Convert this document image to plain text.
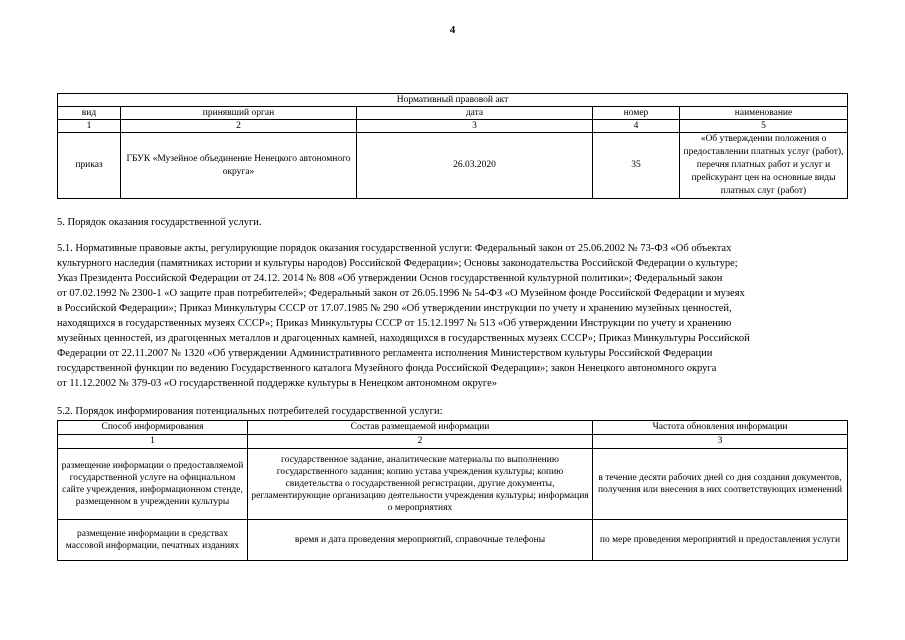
4
Нормативный правовой акт				
вид	принявший орган	дата	номер	наименование
1	2	3	4	5
приказ	ГБУК «Музейное объединение Ненецкого автономного округа»	26.03.2020	35	«Об утверждении положения о предоставлении платных услуг (работ), перечня платных работ и услуг и прейскурант цен на основные виды платных слуг (работ)
5. Порядок оказания государственной услуги.
5.1. Нормативные правовые акты, регулирующие порядок оказания государственной услуги: Федеральный закон от 25.06.2002 № 73-ФЗ «Об объектах
культурного наследия (памятниках истории и культуры народов) Российской Федерации»; Основы законодательства Российской Федерации о культуре;
Указ Президента Российской Федерации от 24.12. 2014 № 808 «Об утверждении Основ государственной культурной политики»; Федеральный закон
от 07.02.1992 № 2300-1 «О защите прав потребителей»; Федеральный закон от 26.05.1996 № 54-ФЗ «О Музейном фонде Российской Федерации и музеях
в Российской Федерации»; Приказ Минкультуры СССР от 17.07.1985 № 290 «Об утверждении инструкции по учету и хранению музейных ценностей,
находящихся в государственных музеях СССР»; Приказ Минкультуры СССР от 15.12.1997 № 513 «Об утверждении Инструкции по учету и хранению
музейных ценностей, из драгоценных металлов и драгоценных камней, находящихся в государственных музеях СССР»; Приказ Минкультуры Российской
Федерации от 22.11.2007 № 1320 «Об утверждении Административного регламента исполнения Министерством культуры Российской Федерации
государственной функции по ведению Государственного каталога Музейного фонда Российской Федерации»; закон Ненецкого автономного округа
от 11.12.2002 № 379-03 «О государственной поддержке культуры в Ненецком автономном округе»
5.2. Порядок информирования потенциальных потребителей государственной услуги:
Способ информирования	Состав размещаемой информации	Частота обновления информации
1	2	3
размещение информации о предоставляемой государственной услуге на официальном сайте учреждения, информационном стенде, размещенном в учреждении культуры	государственное задание, аналитические материалы по выполнению государственного задания; копию устава учреждения культуры; копию свидетельства о государственной регистрации, другие документы, регламентирующие организацию деятельности учреждения культуры; информация о мероприятиях	в течение десяти рабочих дней со дня создания документов, получения или внесения в них соответствующих изменений
размещение информации в средствах массовой информации, печатных изданиях	время и дата проведения мероприятий, справочные телефоны	по мере проведения мероприятий и предоставления услуги
